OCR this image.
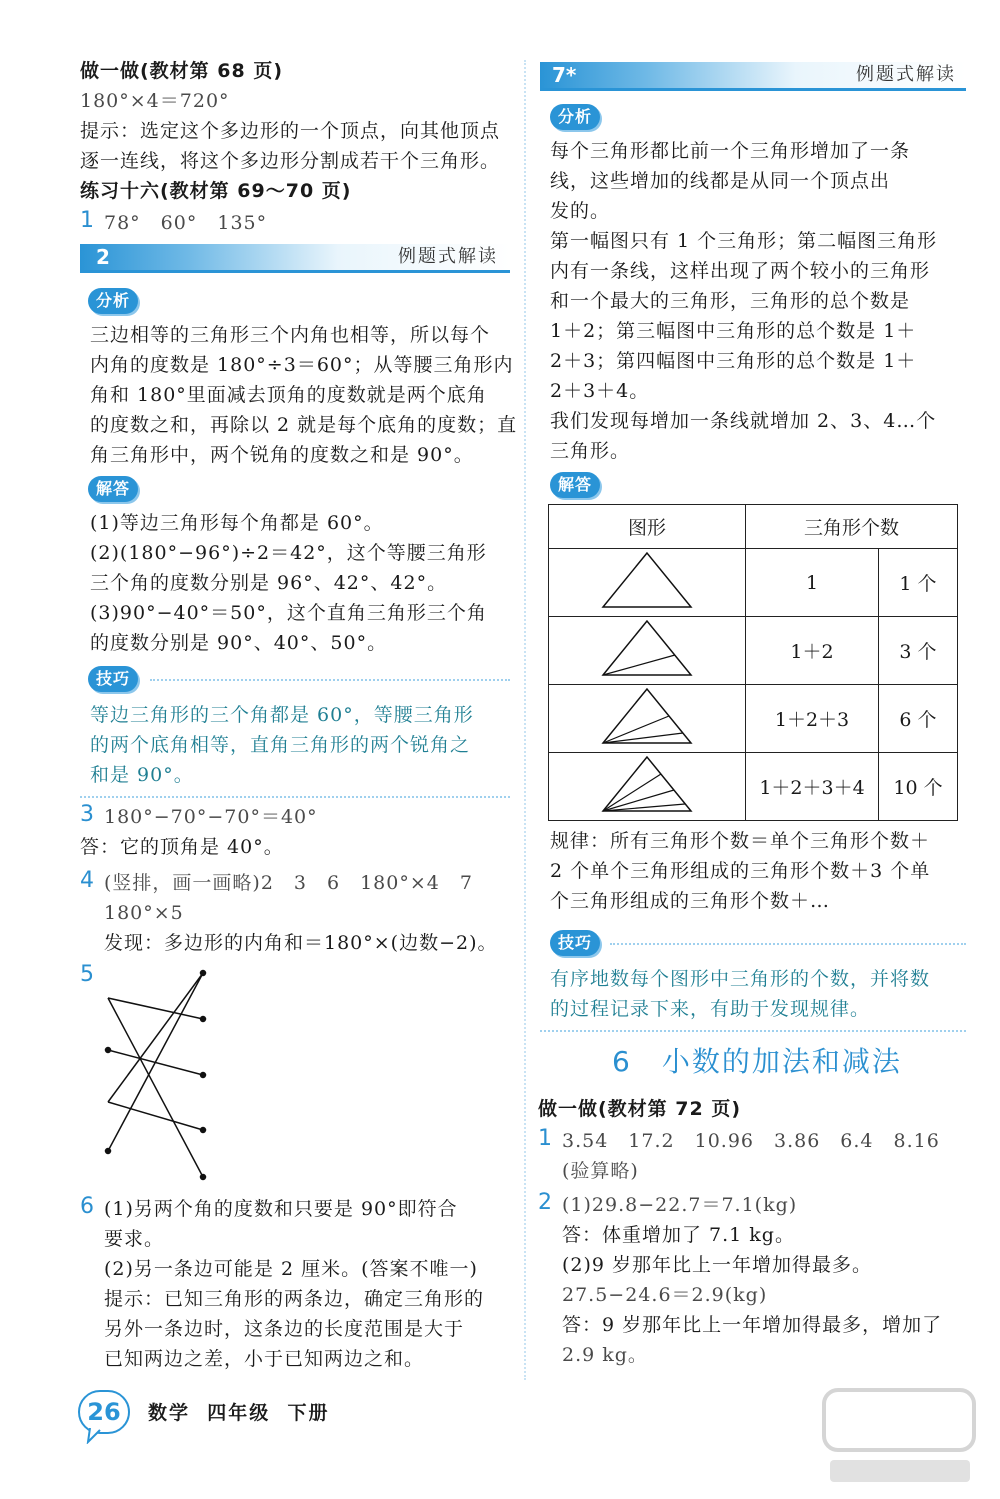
做一做(教材第 68 页)
180°×4＝720°
提示：选定这个多边形的一个顶点，向其他顶点
逐一连线，将这个多边形分割成若干个三角形。
练习十六(教材第 69～70 页)
1 78°　60°　135°
2	例题式解读
分析
三边相等的三角形三个内角也相等，所以每个
内角的度数是 180°÷3＝60°；从等腰三角形内
角和 180°里面减去顶角的度数就是两个底角
的度数之和，再除以 2 就是每个底角的度数；直
角三角形中，两个锐角的度数之和是 90°。
解答
(1)等边三角形每个角都是 60°。
(2)(180°−96°)÷2＝42°，这个等腰三角形
三个角的度数分别是 96°、42°、42°。
(3)90°−40°＝50°，这个直角三角形三个角
的度数分别是 90°、40°、50°。
技巧
等边三角形的三个角都是 60°，等腰三角形
的两个底角相等，直角三角形的两个锐角之
和是 90°。
3 180°−70°−70°＝40°
答：它的顶角是 40°。
4 (竖排，画一画略)2　3　6　180°×4　7
180°×5
发现：多边形的内角和＝180°×(边数−2)。
5
6 (1)另两个角的度数和只要是 90°即符合
要求。
(2)另一条边可能是 2 厘米。(答案不唯一)
提示：已知三角形的两条边，确定三角形的
另外一条边时，这条边的长度范围是大于
已知两边之差，小于已知两边之和。
7*	例题式解读
分析
每个三角形都比前一个三角形增加了一条
线，这些增加的线都是从同一个顶点出
发的。
第一幅图只有 1 个三角形；第二幅图三角形
内有一条线，这样出现了两个较小的三角形
和一个最大的三角形，三角形的总个数是
1＋2；第三幅图中三角形的总个数是 1＋
2＋3；第四幅图中三角形的总个数是 1＋
2＋3＋4。
我们发现每增加一条线就增加 2、3、4…个
三角形。
解答
图形	三角形个数	
	1	1 个
	1＋2	3 个
	1＋2＋3	6 个
	1＋2＋3＋4	10 个
规律：所有三角形个数＝单个三角形个数＋
2 个单个三角形组成的三角形个数＋3 个单
个三角形组成的三角形个数＋…
技巧
有序地数每个图形中三角形的个数，并将数
的过程记录下来，有助于发现规律。
6　小数的加法和减法
做一做(教材第 72 页)
1 3.54　17.2　10.96　3.86　6.4　8.16
(验算略)
2 (1)29.8−22.7＝7.1(kg)
答：体重增加了 7.1 kg。
(2)9 岁那年比上一年增加得最多。
27.5−24.6＝2.9(kg)
答：9 岁那年比上一年增加得最多，增加了
2.9 kg。
26	数学 四年级 下册
